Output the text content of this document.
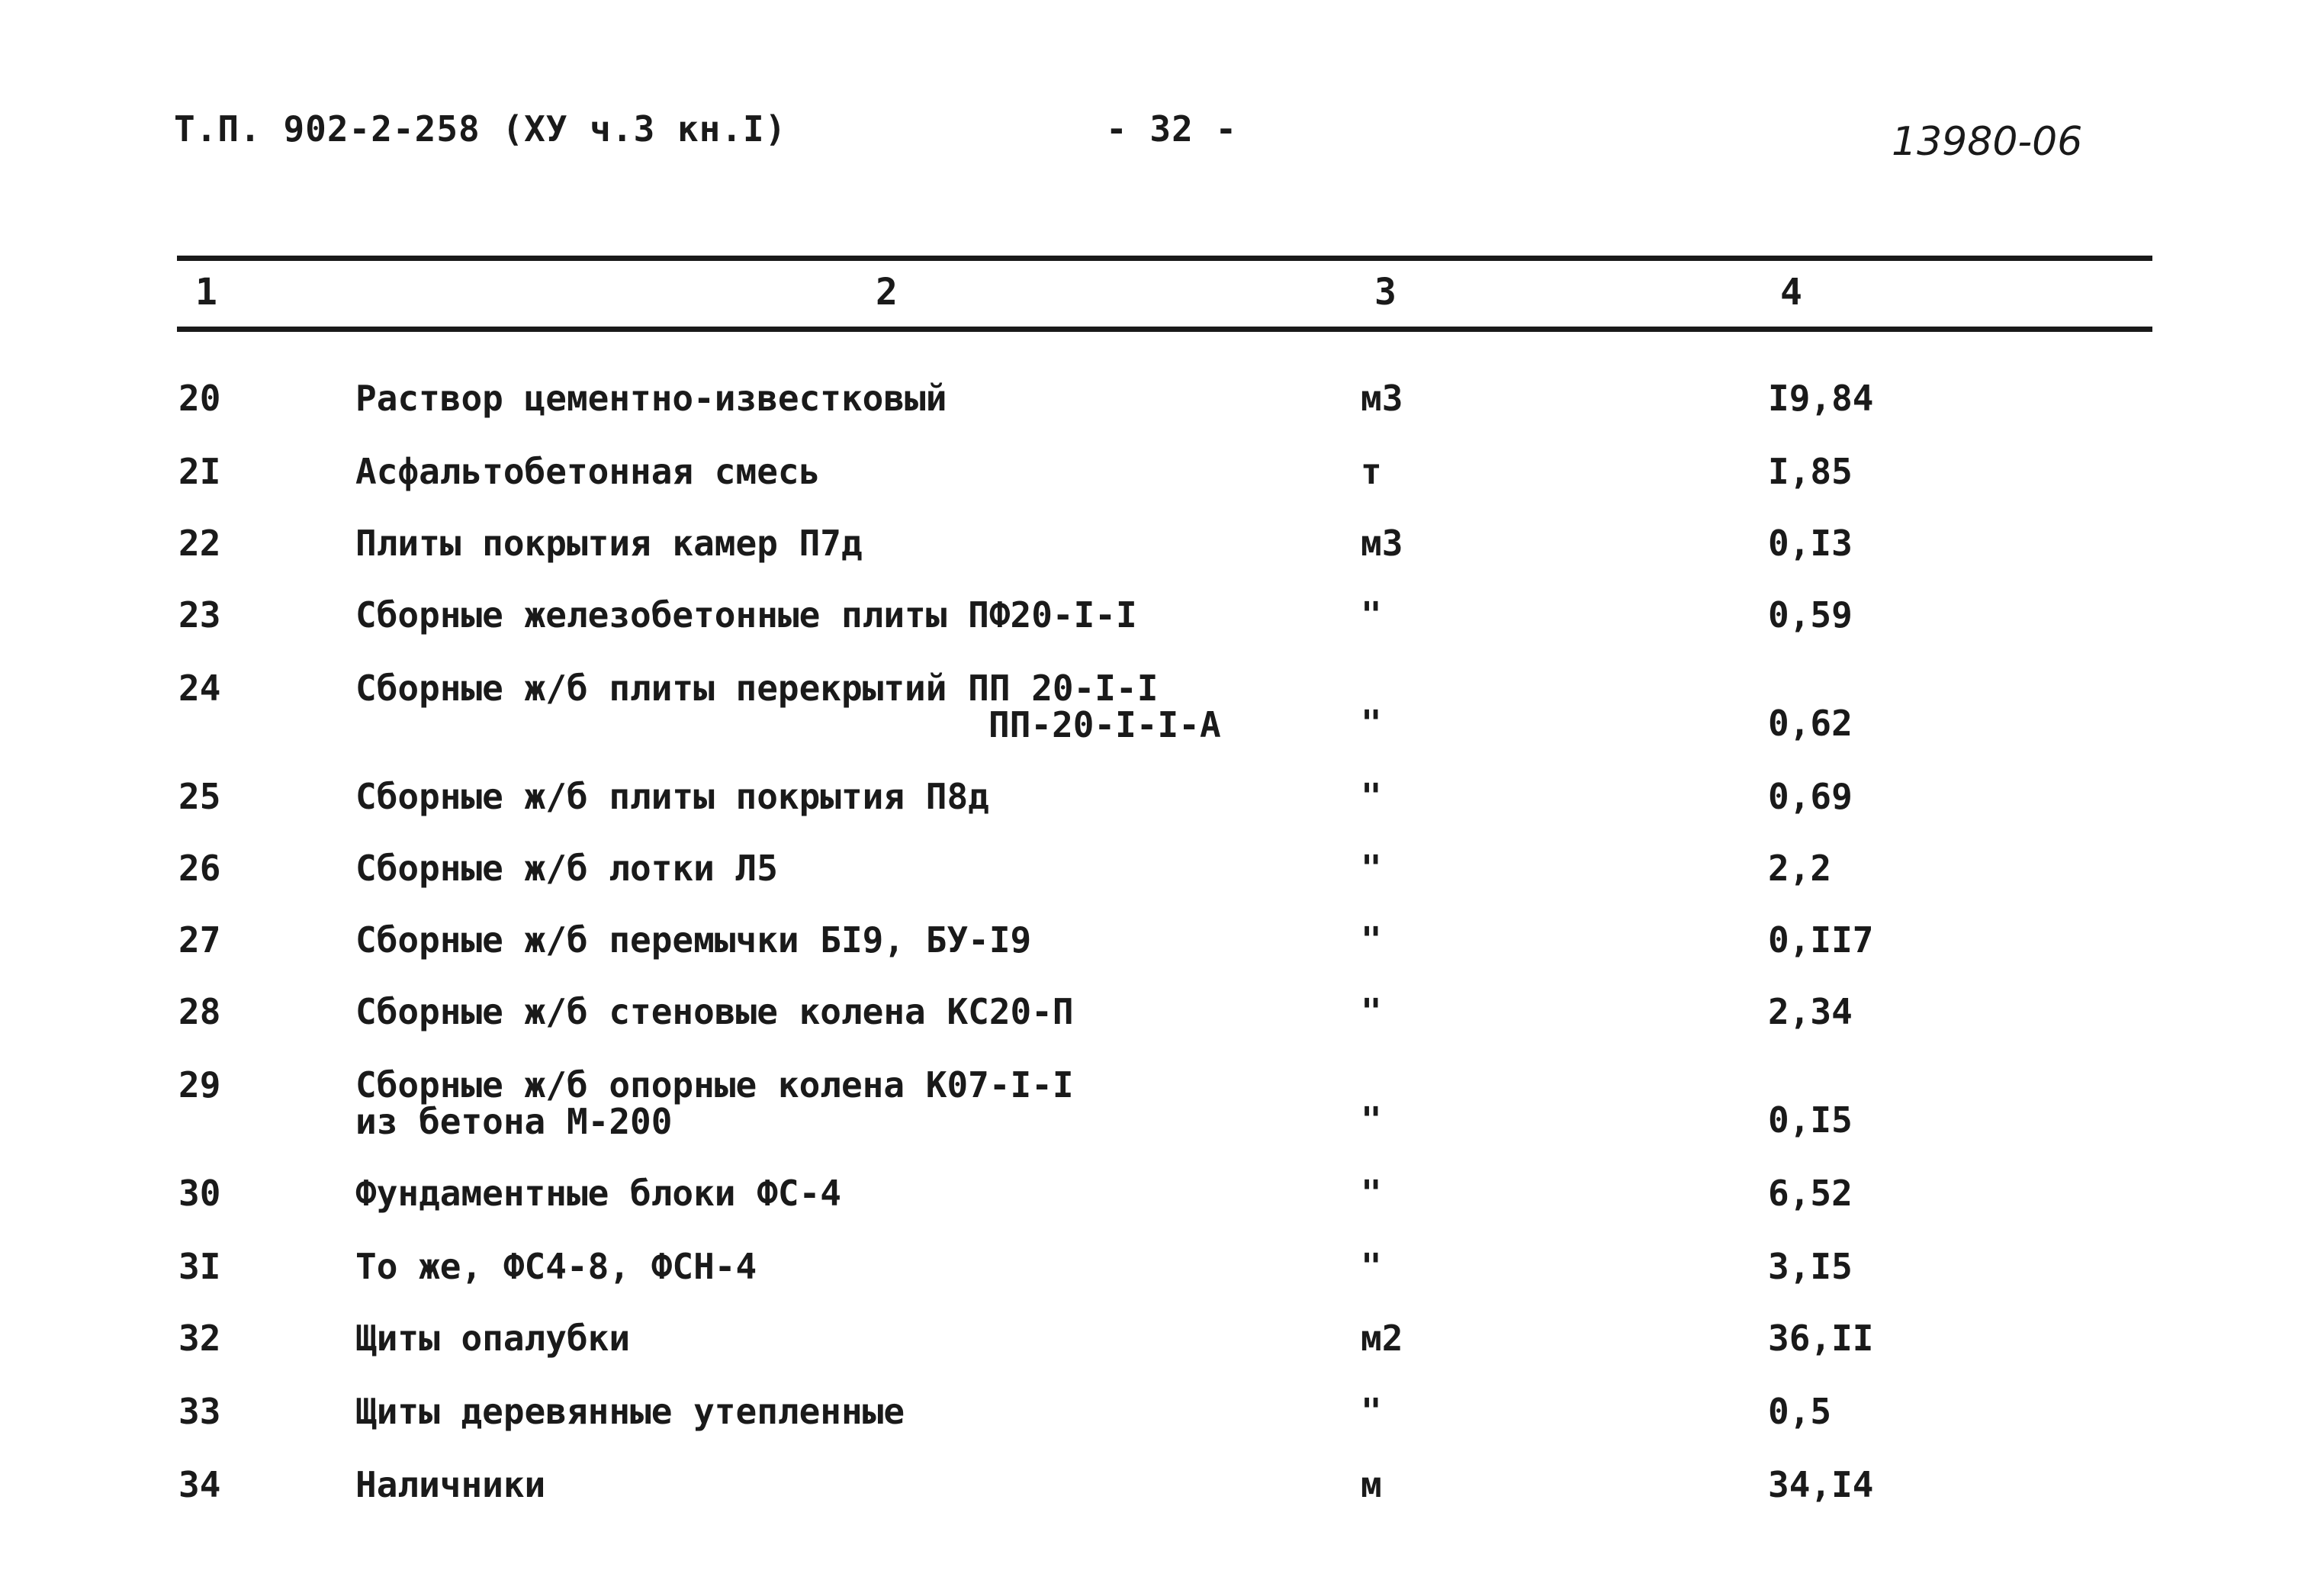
Т.П. 902-2-258 (ХУ ч.3 кн.I)	- 32 -	13980-06
1	2	3	4
20	Раствор цементно-известковый	м3	I9,84
2I	Асфальтобетонная смесь	т	I,85
22	Плиты покрытия камер П7д	м3	0,I3
23	Сборные железобетонные плиты ПФ20-I-I	"	0,59
24	Сборные ж/б плиты перекрытий ПП 20-I-I
ПП-20-I-I-А	"	0,62
25	Сборные ж/б плиты покрытия П8д	"	0,69
26	Сборные ж/б лотки Л5	"	2,2
27	Сборные ж/б перемычки БI9, БУ-I9	"	0,II7
28	Сборные ж/б стеновые колена КС20-П	"	2,34
29	Сборные ж/б опорные колена К07-I-I
из бетона М-200	"	0,I5
30	Фундаментные блоки ФС-4	"	6,52
3I	То же, ФС4-8, ФСН-4	"	3,I5
32	Щиты опалубки	м2	36,II
33	Щиты деревянные утепленные	"	0,5
34	Наличники	м	34,I4
